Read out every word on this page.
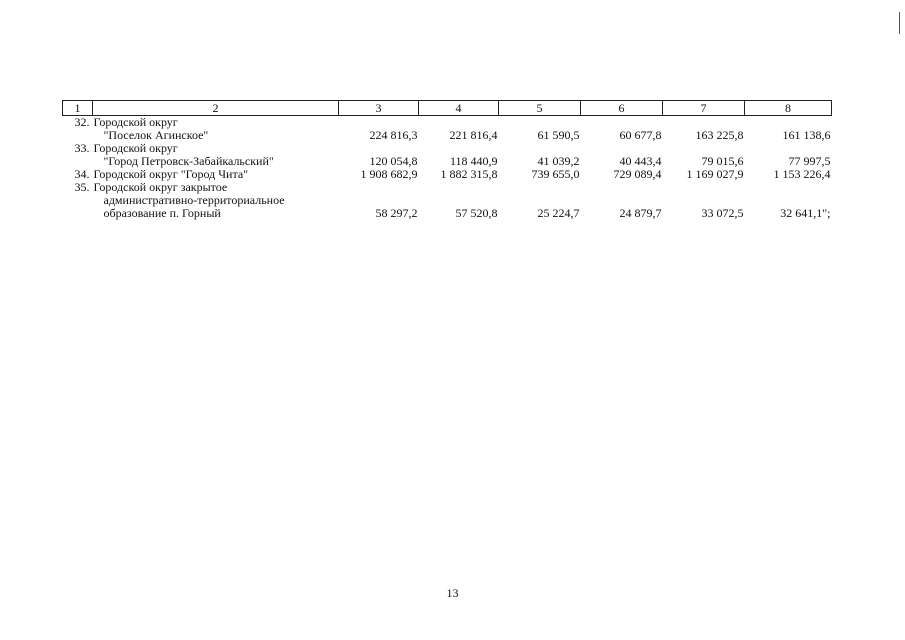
1	2	3	4	5	6	7	8
32.	Городской округ
"Поселок Агинское"	224 816,3	221 816,4	61 590,5	60 677,8	163 225,8	161 138,6
33.	Городской округ
"Город Петровск-Забайкальский"	120 054,8	118 440,9	41 039,2	40 443,4	79 015,6	77 997,5
34.	Городской округ "Город Чита"	1 908 682,9	1 882 315,8	739 655,0	729 089,4	1 169 027,9	1 153 226,4
35.	Городской округ закрытое
административно-территориальное
образование п. Горный	58 297,2	57 520,8	25 224,7	24 879,7	33 072,5	32 641,1";
13
